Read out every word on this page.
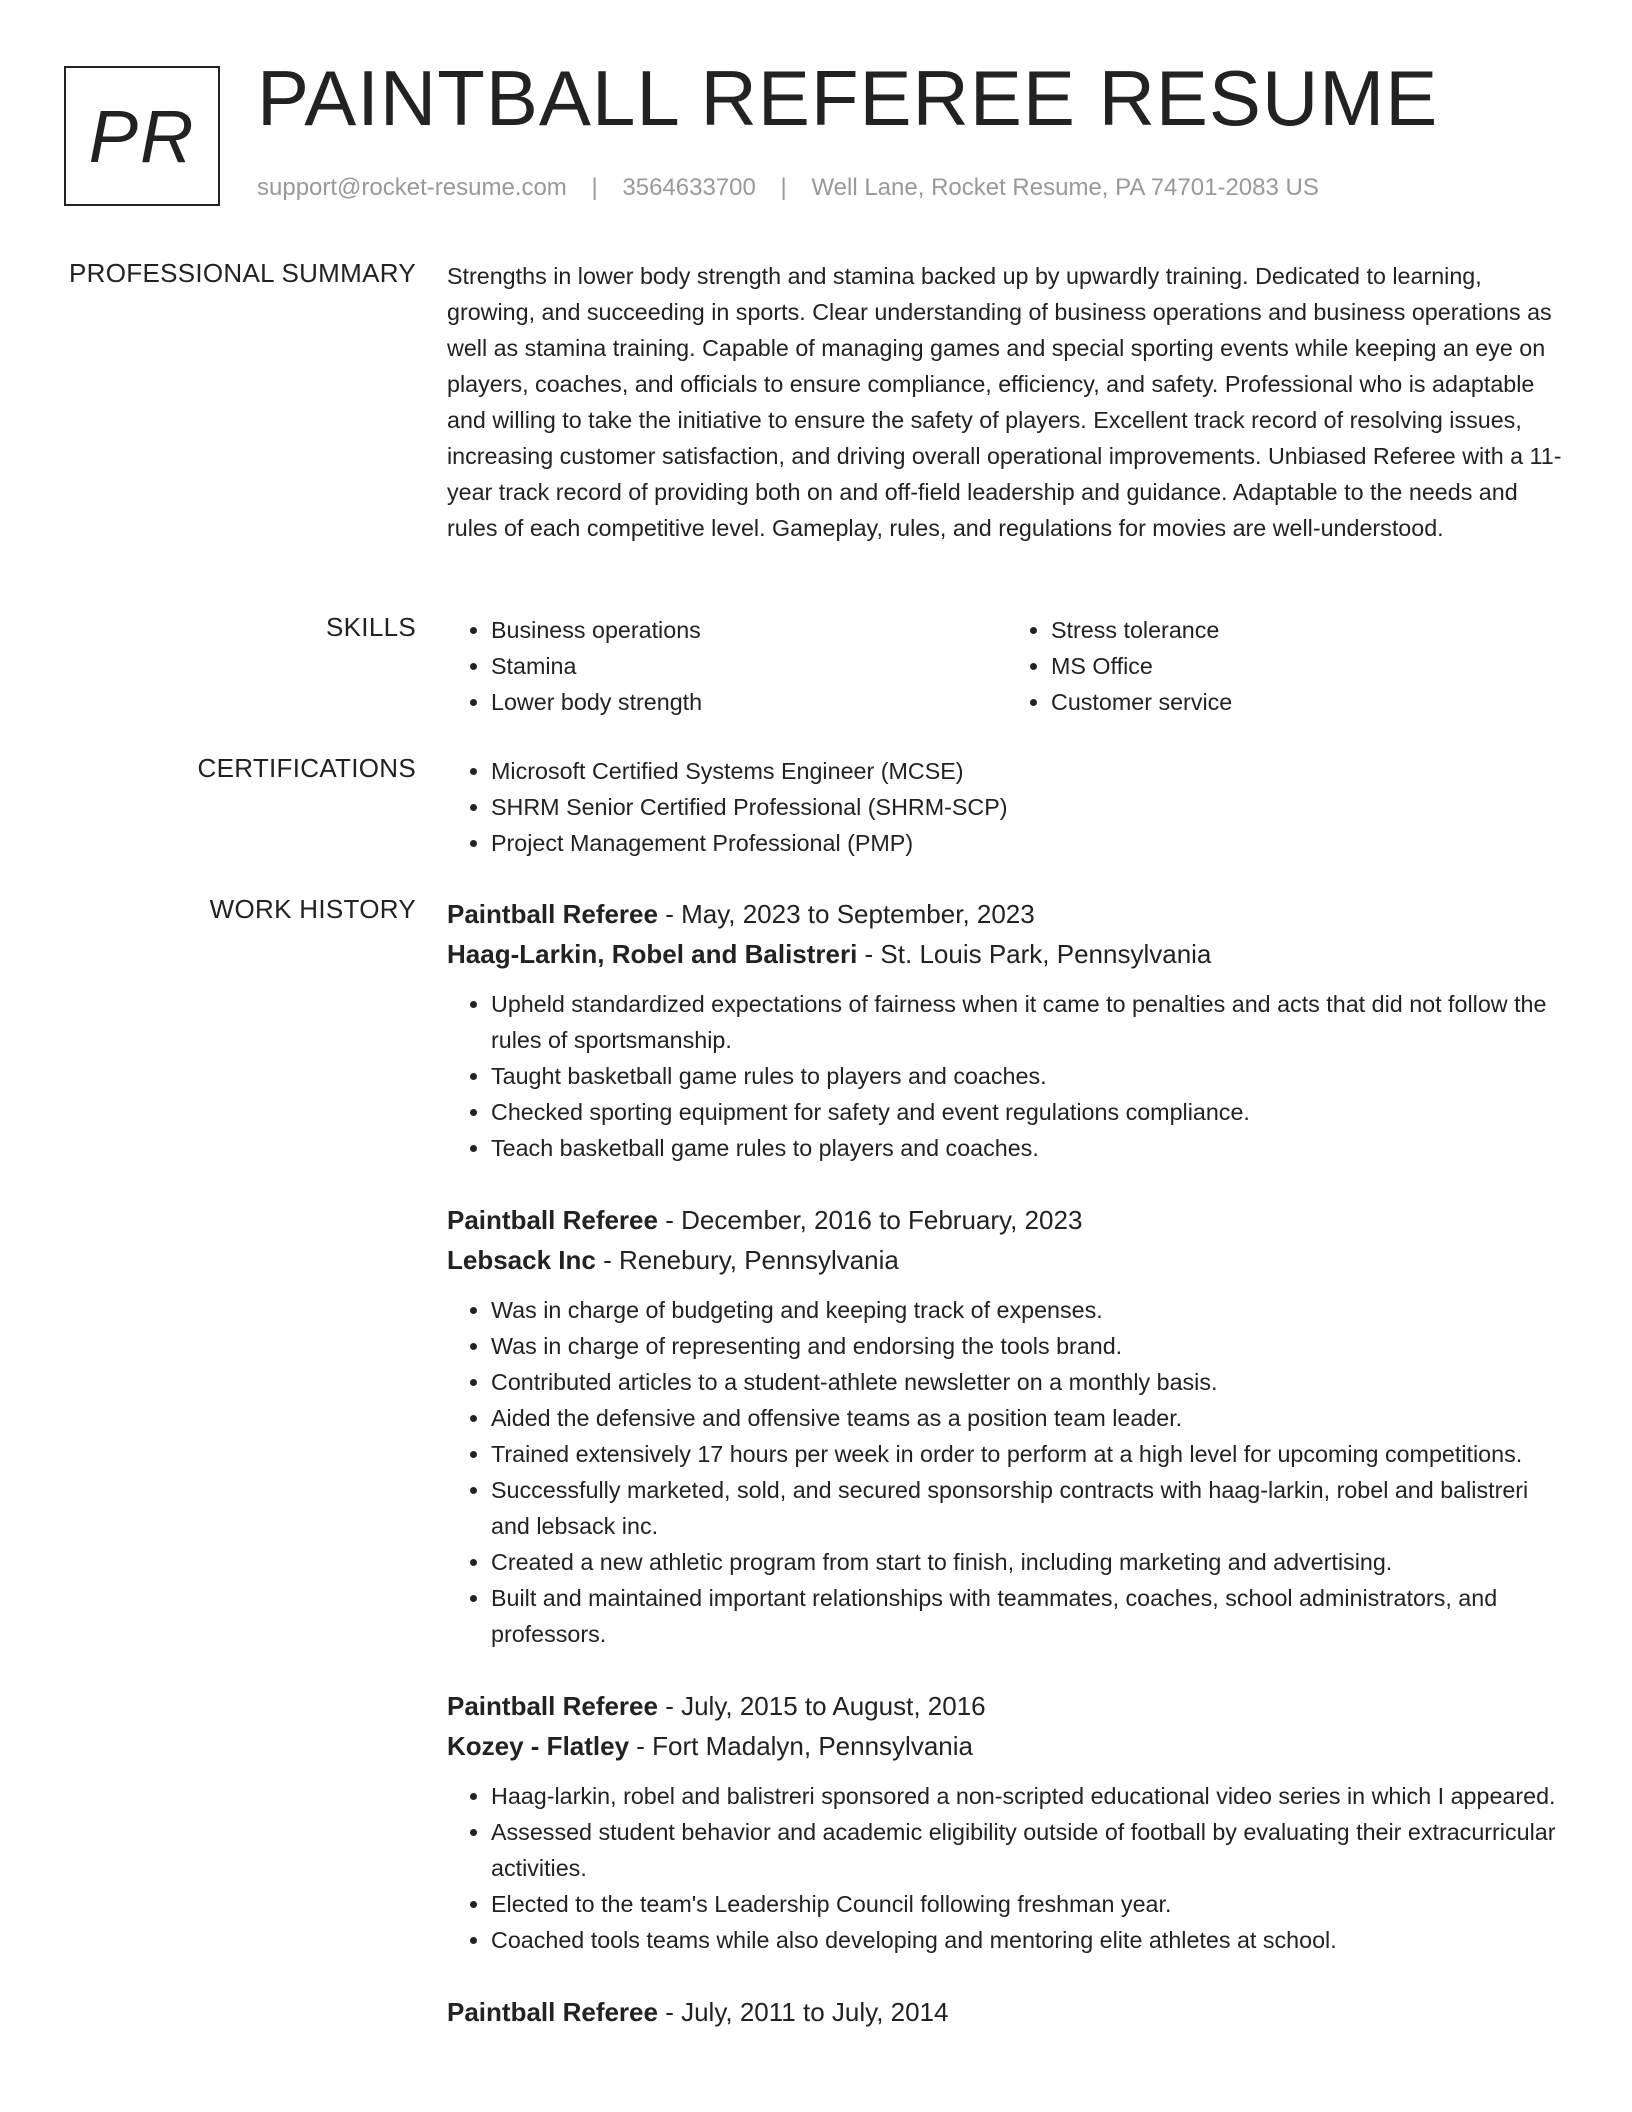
PR PAINTBALL REFEREE RESUME
support@rocket-resume.com | 3564633700 | Well Lane, Rocket Resume, PA 74701-2083 US
PROFESSIONAL SUMMARY Strengths in lower body strength and stamina backed up by upwardly training. Dedicated to learning, growing, and succeeding in sports. Clear understanding of business operations and business operations as well as stamina training. Capable of managing games and special sporting events while keeping an eye on players, coaches, and officials to ensure compliance, efficiency, and safety. Professional who is adaptable and willing to take the initiative to ensure the safety of players. Excellent track record of resolving issues, increasing customer satisfaction, and driving overall operational improvements. Unbiased Referee with a 11-year track record of providing both on and off-field leadership and guidance. Adaptable to the needs and rules of each competitive level. Gameplay, rules, and regulations for movies are well-understood.

SKILLS	• Business operations
• Stamina
• Lower body strength
• Stress tolerance
• MS Office
• Customer service
CERTIFICATIONS	• Microsoft Certified Systems Engineer (MCSE)
• SHRM Senior Certified Professional (SHRM-SCP)
• Project Management Professional (PMP)
WORK HISTORY Paintball Referee - May, 2023 to September, 2023
Haag-Larkin, Robel and Balistreri - St. Louis Park, Pennsylvania
• Upheld standardized expectations of fairness when it came to penalties and acts that did not follow the rules of sportsmanship.
• Taught basketball game rules to players and coaches.
• Checked sporting equipment for safety and event regulations compliance.
• Teach basketball game rules to players and coaches.
Paintball Referee - December, 2016 to February, 2023
Lebsack Inc - Renebury, Pennsylvania
• Was in charge of budgeting and keeping track of expenses.
• Was in charge of representing and endorsing the tools brand.
• Contributed articles to a student-athlete newsletter on a monthly basis.
• Aided the defensive and offensive teams as a position team leader.
• Trained extensively 17 hours per week in order to perform at a high level for upcoming competitions.
• Successfully marketed, sold, and secured sponsorship contracts with haag-larkin, robel and balistreri and lebsack inc.
• Created a new athletic program from start to finish, including marketing and advertising.
• Built and maintained important relationships with teammates, coaches, school administrators, and professors.
Paintball Referee - July, 2015 to August, 2016
Kozey - Flatley - Fort Madalyn, Pennsylvania
• Haag-larkin, robel and balistreri sponsored a non-scripted educational video series in which I appeared.
• Assessed student behavior and academic eligibility outside of football by evaluating their extracurricular activities.
• Elected to the team's Leadership Council following freshman year.
• Coached tools teams while also developing and mentoring elite athletes at school.
Paintball Referee - July, 2011 to July, 2014
